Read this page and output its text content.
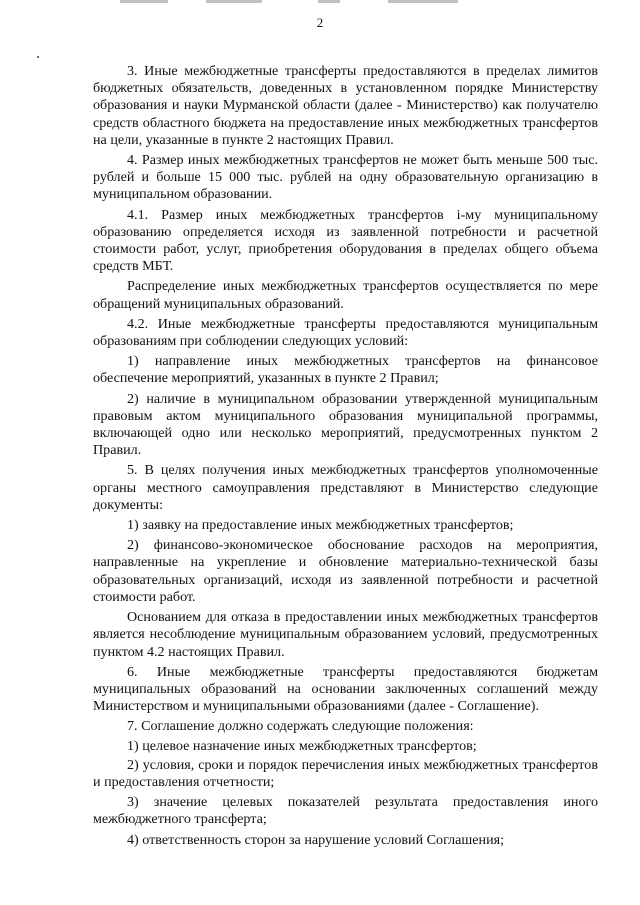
2

3. Иные межбюджетные трансферты предоставляются в пределах лимитов бюджетных обязательств, доведенных в установленном порядке Министерству образования и науки Мурманской области (далее - Министерство) как получателю средств областного бюджета на предоставление иных межбюджетных трансфертов на цели, указанные в пункте 2 настоящих Правил.

4. Размер иных межбюджетных трансфертов не может быть меньше 500 тыс. рублей и больше 15 000 тыс. рублей на одну образовательную организацию в муниципальном образовании.

4.1. Размер иных межбюджетных трансфертов i-му муниципальному образованию определяется исходя из заявленной потребности и расчетной стоимости работ, услуг, приобретения оборудования в пределах общего объема средств МБТ.

Распределение иных межбюджетных трансфертов осуществляется по мере обращений муниципальных образований.

4.2. Иные межбюджетные трансферты предоставляются муниципальным образованиям при соблюдении следующих условий:

1) направление иных межбюджетных трансфертов на финансовое обеспечение мероприятий, указанных в пункте 2 Правил;

2) наличие в муниципальном образовании утвержденной муниципальным правовым актом муниципального образования муниципальной программы, включающей одно или несколько мероприятий, предусмотренных пунктом 2 Правил.

5. В целях получения иных межбюджетных трансфертов уполномоченные органы местного самоуправления представляют в Министерство следующие документы:

1) заявку на предоставление иных межбюджетных трансфертов;

2) финансово-экономическое обоснование расходов на мероприятия, направленные на укрепление и обновление материально-технической базы образовательных организаций, исходя из заявленной потребности и расчетной стоимости работ.

Основанием для отказа в предоставлении иных межбюджетных трансфертов является несоблюдение муниципальным образованием условий, предусмотренных пунктом 4.2 настоящих Правил.

6. Иные межбюджетные трансферты предоставляются бюджетам муниципальных образований на основании заключенных соглашений между Министерством и муниципальными образованиями (далее - Соглашение).

7. Соглашение должно содержать следующие положения:

1) целевое назначение иных межбюджетных трансфертов;

2) условия, сроки и порядок перечисления иных межбюджетных трансфертов и предоставления отчетности;

3) значение целевых показателей результата предоставления иного межбюджетного трансферта;

4) ответственность сторон за нарушение условий Соглашения;
